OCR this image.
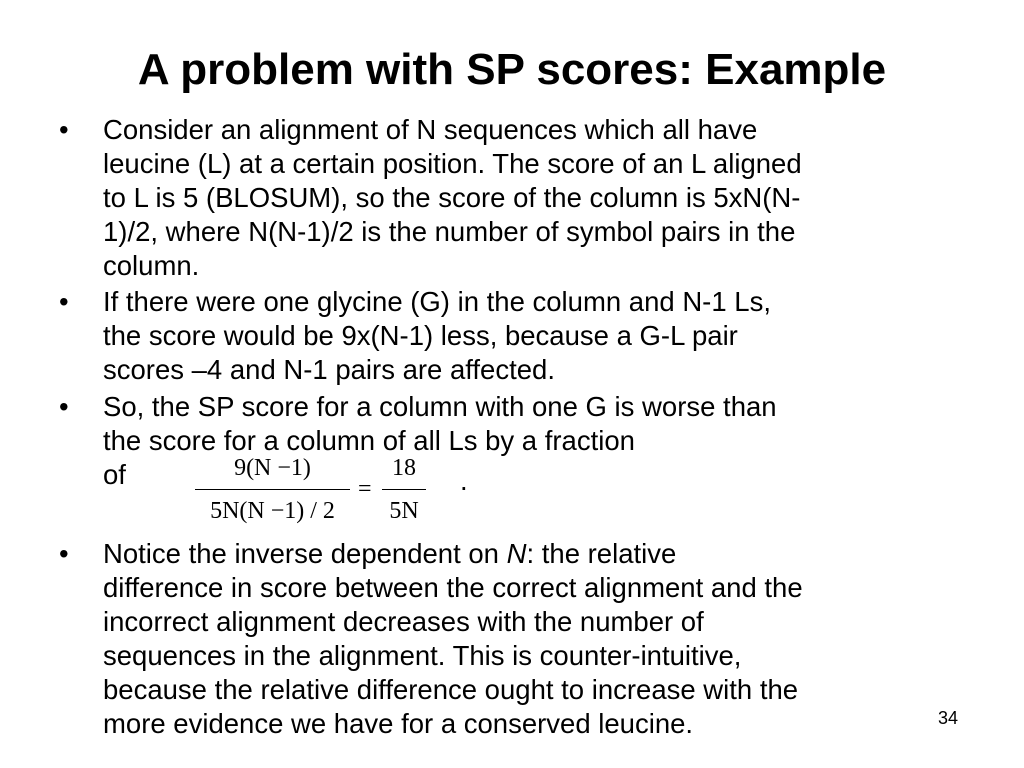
A problem with SP scores: Example
• Consider an alignment of N sequences which all have
leucine (L) at a certain position. The score of an L aligned
to L is 5 (BLOSUM), so the score of the column is 5xN(N-
1)/2, where N(N-1)/2 is the number of symbol pairs in the
column.
• If there were one glycine (G) in the column and N-1 Ls,
the score would be 9x(N-1) less, because a G-L pair
scores –4 and N-1 pairs are affected.
• So, the SP score for a column with one G is worse than
the score for a column of all Ls by a fraction
of	9(N −1)
5N(N −1) / 2
=
18
5N
.
• Notice the inverse dependent on N: the relative
difference in score between the correct alignment and the
incorrect alignment decreases with the number of
sequences in the alignment. This is counter-intuitive,
because the relative difference ought to increase with the
more evidence we have for a conserved leucine.	34
